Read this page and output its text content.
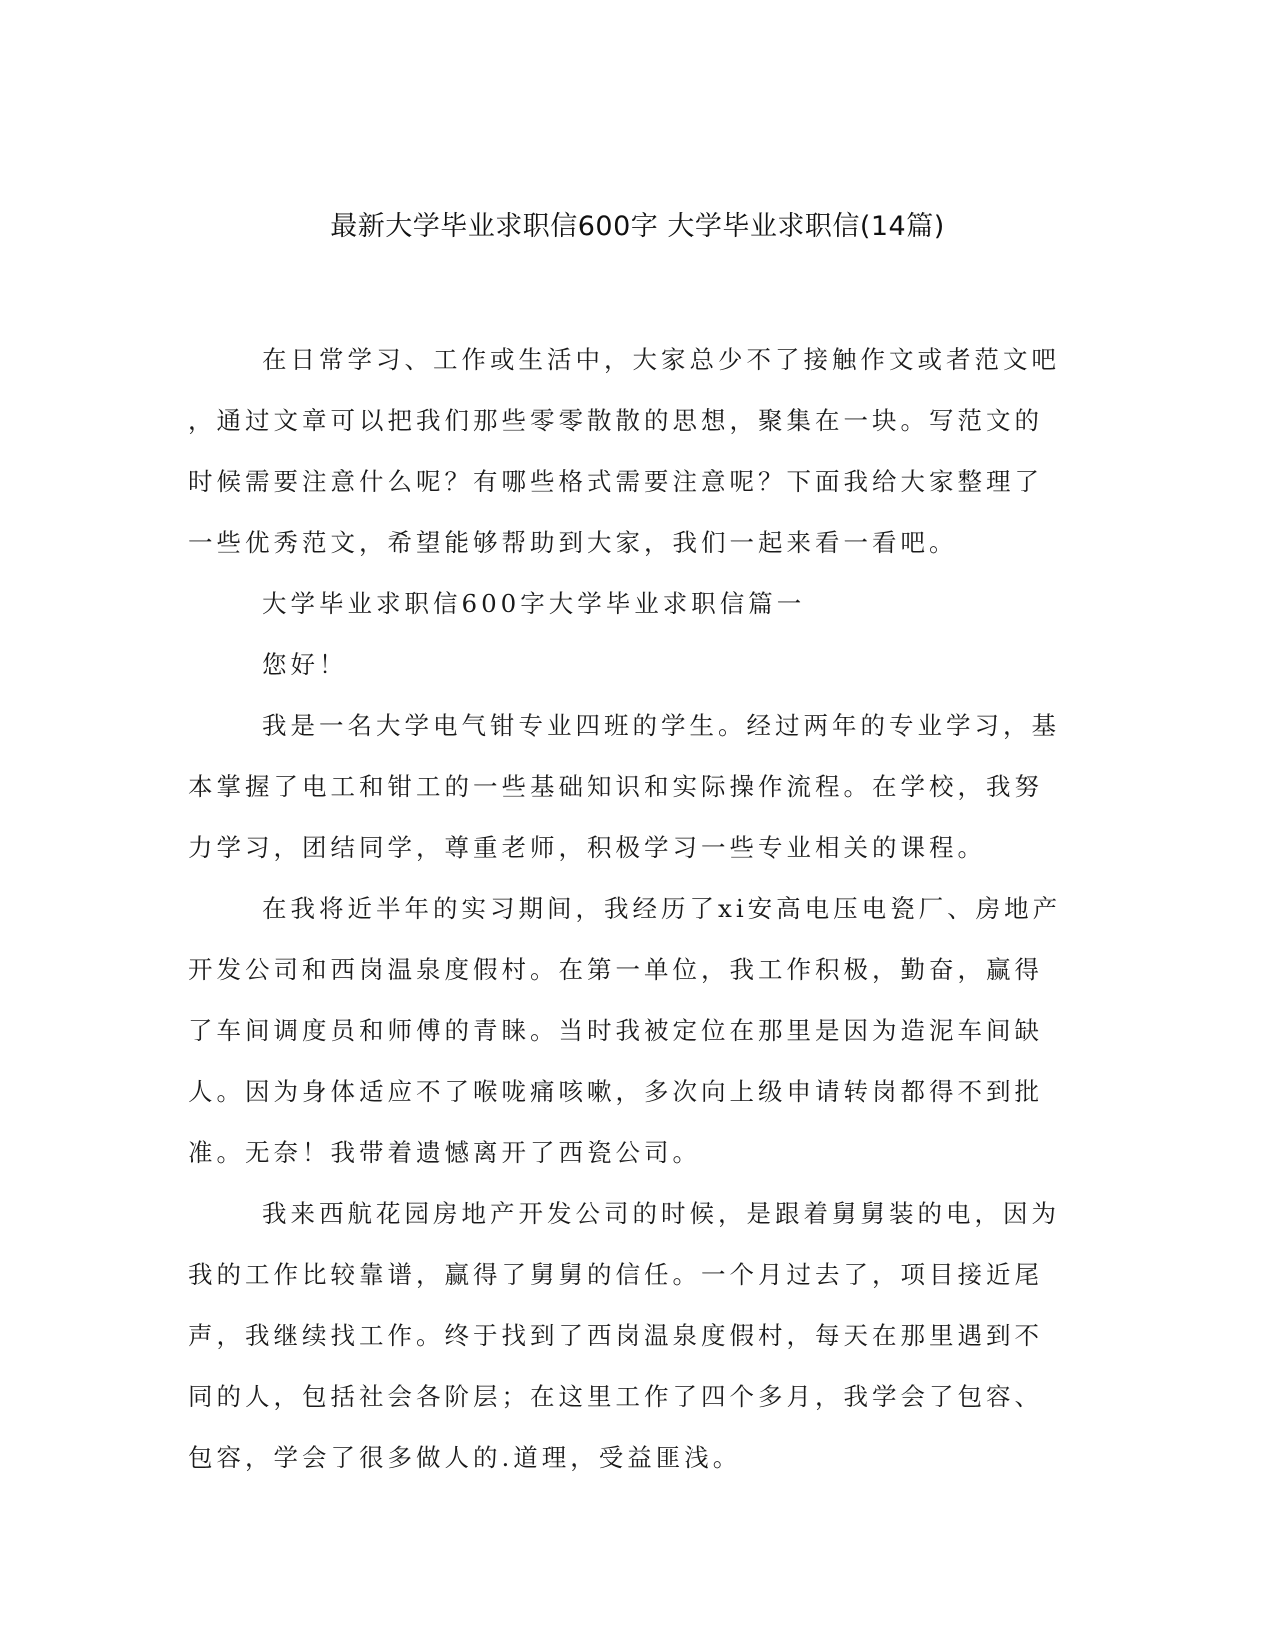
最新大学毕业求职信600字 大学毕业求职信(14篇)
在日常学习、工作或生活中，大家总少不了接触作文或者范文吧
，通过文章可以把我们那些零零散散的思想，聚集在一块。写范文的
时候需要注意什么呢？有哪些格式需要注意呢？下面我给大家整理了
一些优秀范文，希望能够帮助到大家，我们一起来看一看吧。
大学毕业求职信600字大学毕业求职信篇一
您好！
我是一名大学电气钳专业四班的学生。经过两年的专业学习，基
本掌握了电工和钳工的一些基础知识和实际操作流程。在学校，我努
力学习，团结同学，尊重老师，积极学习一些专业相关的课程。
在我将近半年的实习期间，我经历了xi安高电压电瓷厂、房地产
开发公司和西岗温泉度假村。在第一单位，我工作积极，勤奋，赢得
了车间调度员和师傅的青睐。当时我被定位在那里是因为造泥车间缺
人。因为身体适应不了喉咙痛咳嗽，多次向上级申请转岗都得不到批
准。无奈！我带着遗憾离开了西瓷公司。
我来西航花园房地产开发公司的时候，是跟着舅舅装的电，因为
我的工作比较靠谱，赢得了舅舅的信任。一个月过去了，项目接近尾
声，我继续找工作。终于找到了西岗温泉度假村，每天在那里遇到不
同的人，包括社会各阶层；在这里工作了四个多月，我学会了包容、
包容，学会了很多做人的.道理，受益匪浅。
